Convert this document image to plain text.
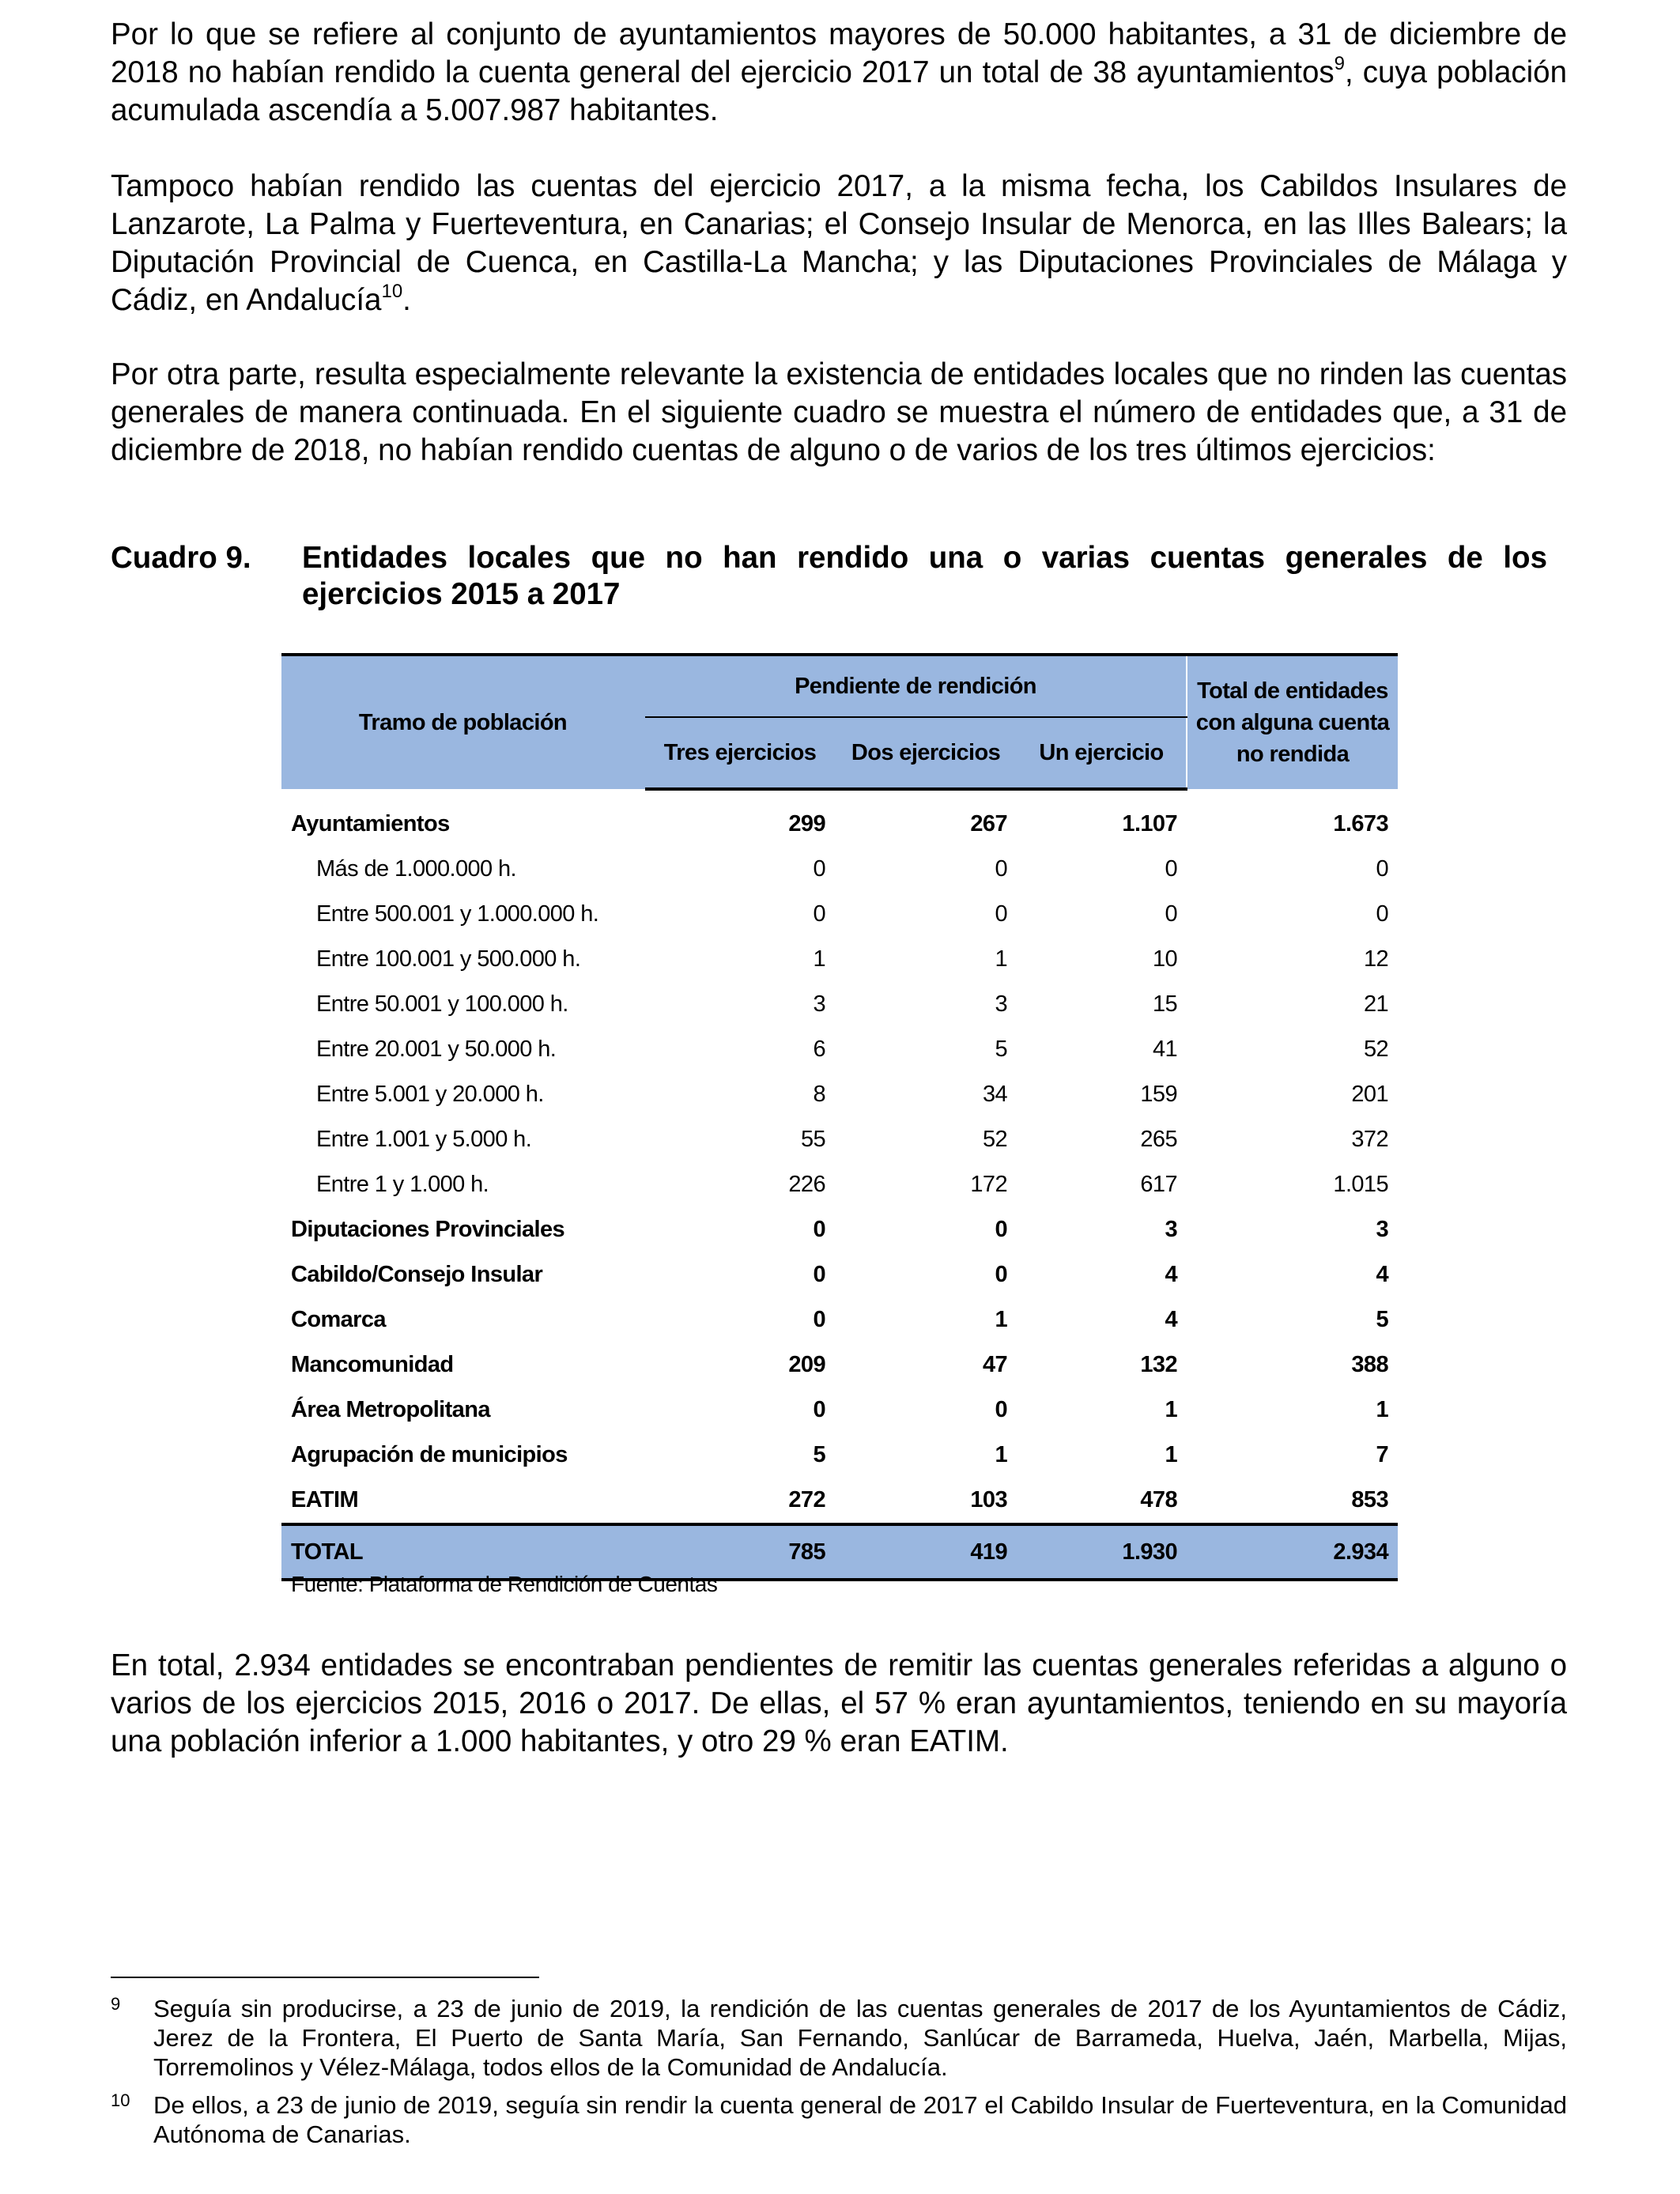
Por lo que se refiere al conjunto de ayuntamientos mayores de 50.000 habitantes, a 31 de diciembre de 2018 no habían rendido la cuenta general del ejercicio 2017 un total de 38 ayuntamientos$^9$, cuya población acumulada ascendía a 5.007.987 habitantes.

Tampoco habían rendido las cuentas del ejercicio 2017, a la misma fecha, los Cabildos Insulares de Lanzarote, La Palma y Fuerteventura, en Canarias; el Consejo Insular de Menorca, en las Illes Balears; la Diputación Provincial de Cuenca, en Castilla-La Mancha; y las Diputaciones Provinciales de Málaga y Cádiz, en Andalucía$^{10}$.

Por otra parte, resulta especialmente relevante la existencia de entidades locales que no rinden las cuentas generales de manera continuada. En el siguiente cuadro se muestra el número de entidades que, a 31 de diciembre de 2018, no habían rendido cuentas de alguno o de varios de los tres últimos ejercicios:

Cuadro 9. Entidades locales que no han rendido una o varias cuentas generales de los ejercicios 2015 a 2017
Tramo de población	Pendiente de rendición			Total de entidades con alguna cuenta no rendida
	Tres ejercicios	Dos ejercicios	Un ejercicio	

Ayuntamientos	299	267	1.107	1.673
Más de 1.000.000 h.	0	0	0	0
Entre 500.001 y 1.000.000 h.	0	0	0	0
Entre 100.001 y 500.000 h.	1	1	10	12
Entre 50.001 y 100.000 h.	3	3	15	21
Entre 20.001 y 50.000 h.	6	5	41	52
Entre 5.001 y 20.000 h.	8	34	159	201
Entre 1.001 y 5.000 h.	55	52	265	372
Entre 1 y 1.000 h.	226	172	617	1.015
Diputaciones Provinciales	0	0	3	3
Cabildo/Consejo Insular	0	0	4	4
Comarca	0	1	4	5
Mancomunidad	209	47	132	388
Área Metropolitana	0	0	1	1
Agrupación de municipios	5	1	1	7
EATIM	272	103	478	853
TOTAL	785	419	1.930	2.934
Fuente: Plataforma de Rendición de Cuentas

En total, 2.934 entidades se encontraban pendientes de remitir las cuentas generales referidas a alguno o varios de los ejercicios 2015, 2016 o 2017. De ellas, el 57 % eran ayuntamientos, teniendo en su mayoría una población inferior a 1.000 habitantes, y otro 29 % eran EATIM.

9 Seguía sin producirse, a 23 de junio de 2019, la rendición de las cuentas generales de 2017 de los Ayuntamientos de Cádiz, Jerez de la Frontera, El Puerto de Santa María, San Fernando, Sanlúcar de Barrameda, Huelva, Jaén, Marbella, Mijas, Torremolinos y Vélez-Málaga, todos ellos de la Comunidad de Andalucía.
10 De ellos, a 23 de junio de 2019, seguía sin rendir la cuenta general de 2017 el Cabildo Insular de Fuerteventura, en la Comunidad Autónoma de Canarias.
